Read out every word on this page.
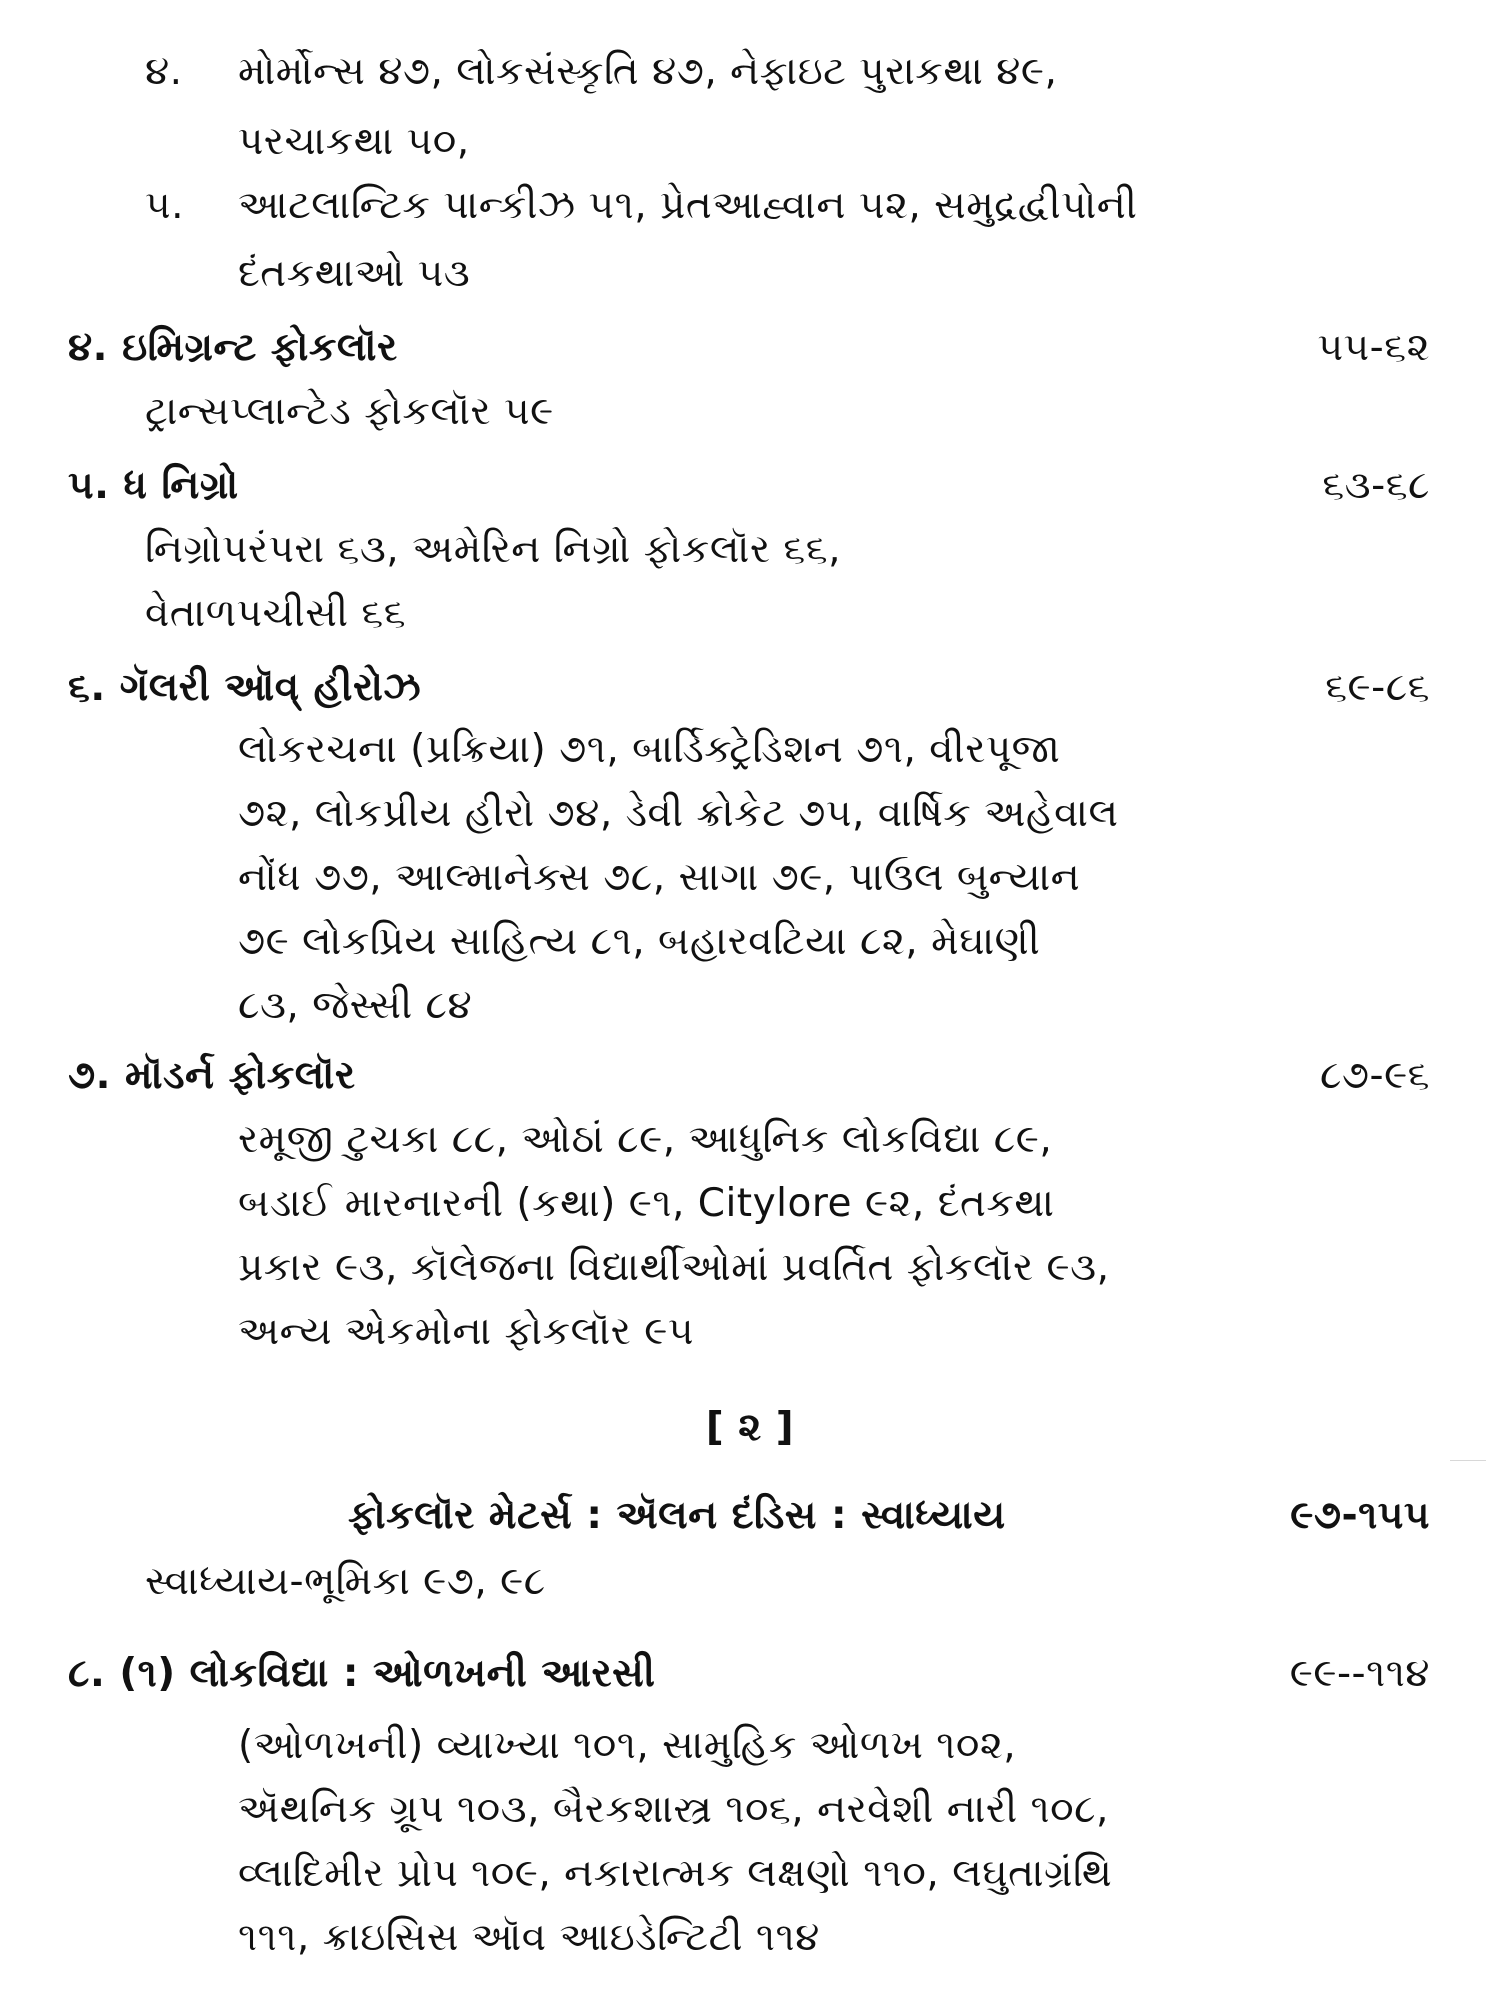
૪. મોર્મોન્સ ૪૭, લોકસંસ્કૃતિ ૪૭, નેફાઇટ પુરાકથા ૪૯,
પરચાકથા ૫૦,
૫. આટલાન્ટિક પાન્કીઝ ૫૧, પ્રેતઆહ્વાન ૫૨, સમુદ્રદ્વીપોની
દંતકથાઓ ૫૩
૪. ઇમિગ્રન્ટ ફોકલૉર	૫૫-૬૨
ટ્રાન્સપ્લાન્ટેડ ફોકલૉર ૫૯
૫. ધ નિગ્રો	૬૩-૬૮
નિગ્રોપરંપરા ૬૩, અમેરિન નિગ્રો ફોકલૉર ૬૬,
વેતાળપચીસી ૬૬
૬. ગૅલરી ઑવ્ હીરોઝ	૬૯-૮૬
લોકરચના (પ્રક્રિયા) ૭૧, બાર્ડિક્ટ્રેડિશન ૭૧, વીરપૂજા
૭૨, લોકપ્રીય હીરો ૭૪, ડેવી ક્રોકેટ ૭૫, વાર્ષિક અહેવાલ
નોંધ ૭૭, આલ્માનેક્સ ૭૮, સાગા ૭૯, પાઉલ બુન્યાન
૭૯ લોકપ્રિય સાહિત્ય ૮૧, બહારવટિયા ૮૨, મેઘાણી
૮૩, જેસ્સી ૮૪
૭. મૉડર્ન ફોકલૉર	૮૭-૯૬
રમૂજી ટુચકા ૮૮, ઓઠાં ૮૯, આધુનિક લોકવિદ્યા ૮૯,
બડાઈ મારનારની (કથા) ૯૧, Citylore ૯૨, દંતકથા
પ્રકાર ૯૩, કૉલેજના વિદ્યાર્થીઓમાં પ્રવર્તિત ફોકલૉર ૯૩,
અન્ય એકમોના ફોકલૉર ૯૫
[ ૨ ]
ફોકલૉર મેટર્સ : ઍલન દંડિસ : સ્વાધ્યાય	૯૭-૧૫૫
સ્વાધ્યાય-ભૂમિકા ૯૭, ૯૮
૮. (૧) લોકવિદ્યા : ઓળખની આરસી	૯૯--૧૧૪
(ઓળખની) વ્યાખ્યા ૧૦૧, સામુહિક ઓળખ ૧૦૨,
ઍથનિક ગ્રૂપ ૧૦૩, બૈરકશાસ્ત્ર ૧૦૬, નરવેશી નારી ૧૦૮,
વ્લાદિમીર પ્રોપ ૧૦૯, નકારાત્મક લક્ષણો ૧૧૦, લઘુતાગ્રંથિ
૧૧૧, ક્રાઇસિસ ઑવ આઇડેન્ટિટી ૧૧૪
